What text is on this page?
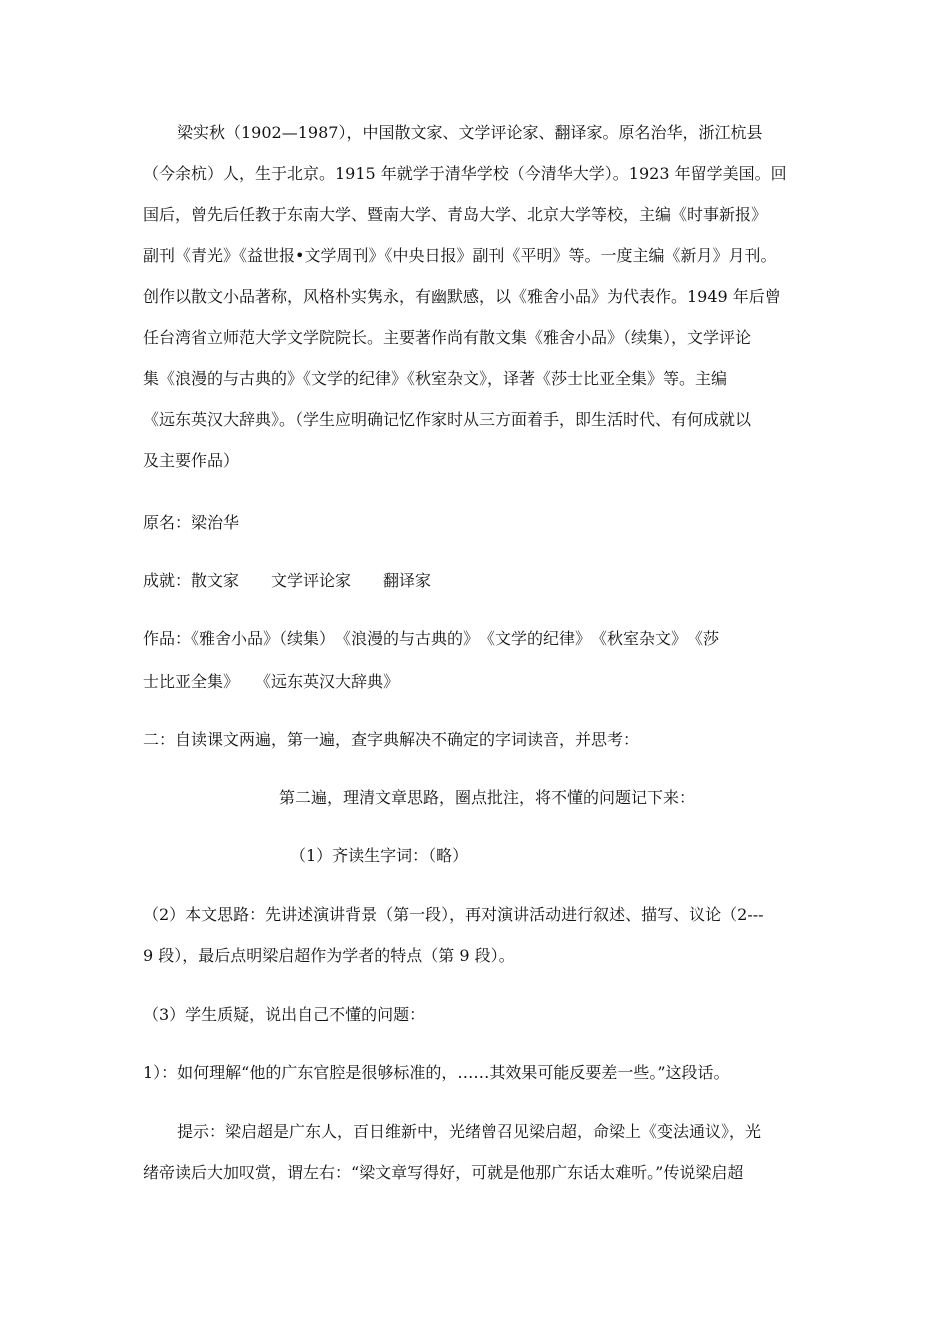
梁实秋（1902—1987），中国散文家、文学评论家、翻译家。原名治华，浙江杭县
（今余杭）人，生于北京。1915 年就学于清华学校（今清华大学）。1923 年留学美国。回
国后，曾先后任教于东南大学、暨南大学、青岛大学、北京大学等校，主编《时事新报》
副刊《青光》《益世报•文学周刊》《中央日报》副刊《平明》等。一度主编《新月》月刊。
创作以散文小品著称，风格朴实隽永，有幽默感，以《雅舍小品》为代表作。1949 年后曾
任台湾省立师范大学文学院院长。主要著作尚有散文集《雅舍小品》（续集），文学评论
集《浪漫的与古典的》《文学的纪律》《秋室杂文》，译著《莎士比亚全集》等。主编
《远东英汉大辞典》。（学生应明确记忆作家时从三方面着手，即生活时代、有何成就以
及主要作品）
原名：梁治华
成就：散文家　　文学评论家　　翻译家
作品：《雅舍小品》（续集）　《浪漫的与古典的》　《文学的纪律》　《秋室杂文》　《莎
士比亚全集》　　《远东英汉大辞典》
二：自读课文两遍，第一遍，查字典解决不确定的字词读音，并思考：
第二遍，理清文章思路，圈点批注，将不懂的问题记下来：
（1）齐读生字词：（略）
（2）本文思路：先讲述演讲背景（第一段），再对演讲活动进行叙述、描写、议论（2---
9 段），最后点明梁启超作为学者的特点（第 9 段）。
（3）学生质疑，说出自己不懂的问题：
1）：如何理解“他的广东官腔是很够标准的，……其效果可能反要差一些。”这段话。
提示：梁启超是广东人，百日维新中，光绪曾召见梁启超，命梁上《变法通议》，光
绪帝读后大加叹赏，谓左右：“梁文章写得好，可就是他那广东话太难听。”传说梁启超
